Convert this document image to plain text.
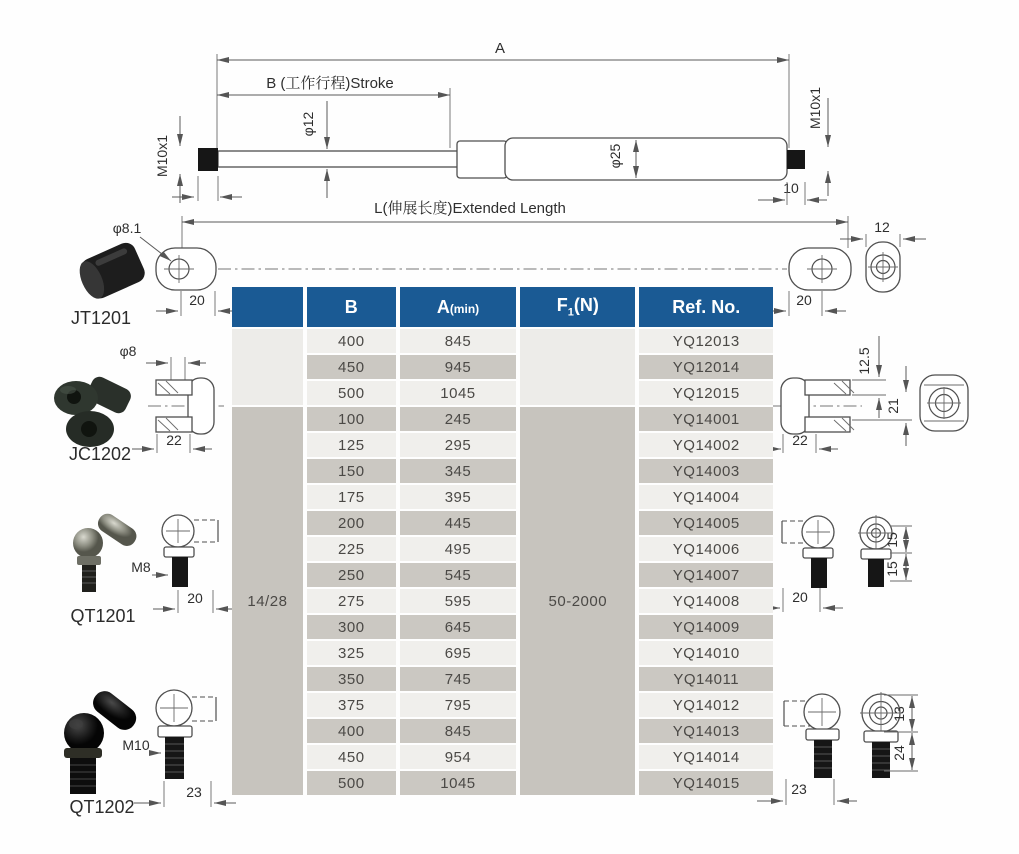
A
B (工作行程)Stroke
φ12
φ25
M10x1
M10x1
10
L(伸展长度)Extended Length
20	20
12
φ8.1
JT1201
φ8
22
JC1202
M8
20
QT1201
M10
23
QT1202
22
12.5
21
20
15
15
23
13
24
	B	A(min)	$F_1(N)$	Ref. No.
	400	845		YQ12013
	450	945		YQ12014
	500	1045		YQ12015
14/28	100	245	50-2000	YQ14001
	125	295		YQ14002
	150	345		YQ14003
	175	395		YQ14004
	200	445		YQ14005
	225	495		YQ14006
	250	545		YQ14007
	275	595		YQ14008
	300	645		YQ14009
	325	695		YQ14010
	350	745		YQ14011
	375	795		YQ14012
	400	845		YQ14013
	450	954		YQ14014
	500	1045		YQ14015
